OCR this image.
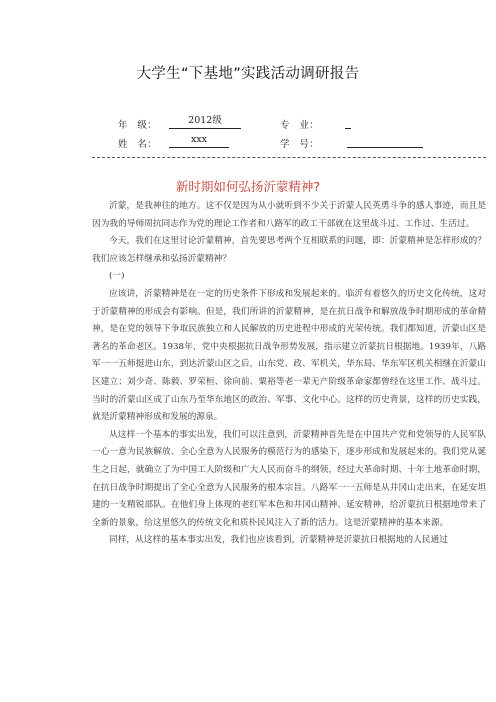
大学生“下基地”实践活动调研报告
年　级：	2012级	专　业：
姓　名：	xxx	学　号：
新时期如何弘扬沂蒙精神?

沂蒙，是我神往的地方。这不仅是因为从小就听到不少关于沂蒙人民英勇斗争的感人事迹，而且是因为我的导师周抗同志作为党的理论工作者和八路军的政工干部就在这里战斗过、工作过、生活过。

今天，我们在这里讨论沂蒙精神，首先要思考两个互相联系的问题，即：沂蒙精神是怎样形成的？我们应该怎样继承和弘扬沂蒙精神？

(一)

应该讲，沂蒙精神是在一定的历史条件下形成和发展起来的。临沂有着悠久的历史文化传统，这对于沂蒙精神的形成会有影响。但是，我们所讲的沂蒙精神，是在抗日战争和解放战争时期形成的革命精神，是在党的领导下争取民族独立和人民解放的历史进程中形成的光荣传统。我们都知道，沂蒙山区是著名的革命老区。1938年，党中央根据抗日战争形势发展，指示建立沂蒙抗日根据地。1939年，八路军一一五师挺进山东，到达沂蒙山区之后，山东党、政、军机关，华东局、华东军区机关相继在沂蒙山区建立；刘少奇、陈毅、罗荣桓、徐向前、粟裕等老一辈无产阶级革命家都曾经在这里工作、战斗过。当时的沂蒙山区成了山东乃至华东地区的政治、军事、文化中心。这样的历史背景，这样的历史实践，就是沂蒙精神形成和发展的源泉。

从这样一个基本的事实出发，我们可以注意到，沂蒙精神首先是在中国共产党和党领导的人民军队一心一意为民族解放、全心全意为人民服务的模范行为的感染下，逐步形成和发展起来的。我们党从诞生之日起，就确立了为中国工人阶级和广大人民而奋斗的纲领，经过大革命时期、十年土地革命时期，在抗日战争时期提出了全心全意为人民服务的根本宗旨。八路军一一五师是从井冈山走出来，在延安坦建的一支精锐部队。在他们身上体现的老红军本色和井冈山精神、延安精神，给沂蒙抗日根据地带来了全新的景象，给这里悠久的传统文化和质朴民风注入了新的活力。这是沂蒙精神的基本来源。

同样，从这样的基本事实出发，我们也应该看到，沂蒙精神是沂蒙抗日根据地的人民通过
